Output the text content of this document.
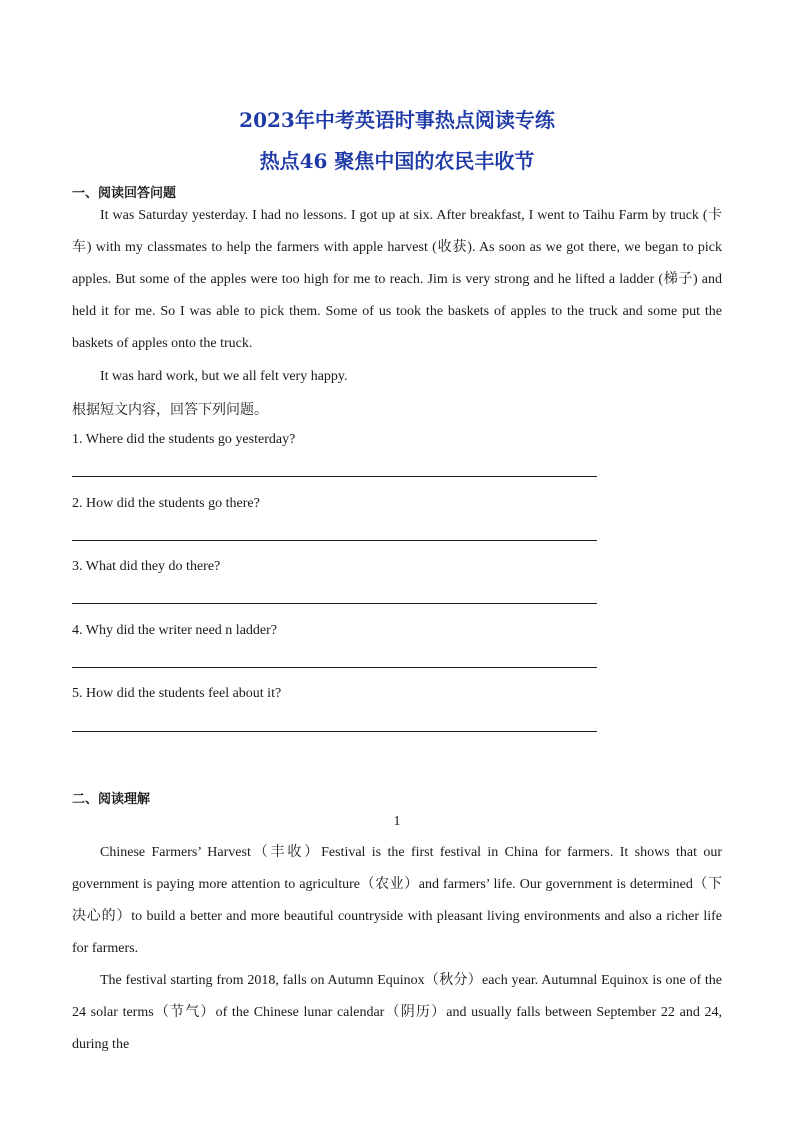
2023年中考英语时事热点阅读专练
热点46 聚焦中国的农民丰收节
一、阅读回答问题

It was Saturday yesterday. I had no lessons. I got up at six. After breakfast, I went to Taihu Farm by truck (卡车) with my classmates to help the farmers with apple harvest (收获). As soon as we got there, we began to pick apples. But some of the apples were too high for me to reach. Jim is very strong and he lifted a ladder (梯子) and held it for me. So I was able to pick them. Some of us took the baskets of apples to the truck and some put the baskets of apples onto the truck.

It was hard work, but we all felt very happy.

根据短文内容，回答下列问题。

1. Where did the students go yesterday?
2. How did the students go there?
3. What did they do there?
4. Why did the writer need n ladder?
5. How did the students feel about it?
二、阅读理解
1

Chinese Farmers’ Harvest（丰收）Festival is the first festival in China for farmers. It shows that our government is paying more attention to agriculture（农业）and farmers’ life. Our government is determined（下决心的）to build a better and more beautiful countryside with pleasant living environments and also a richer life for farmers.

The festival starting from 2018, falls on Autumn Equinox（秋分）each year. Autumnal Equinox is one of the 24 solar terms（节气）of the Chinese lunar calendar（阴历）and usually falls between September 22 and 24, during the
